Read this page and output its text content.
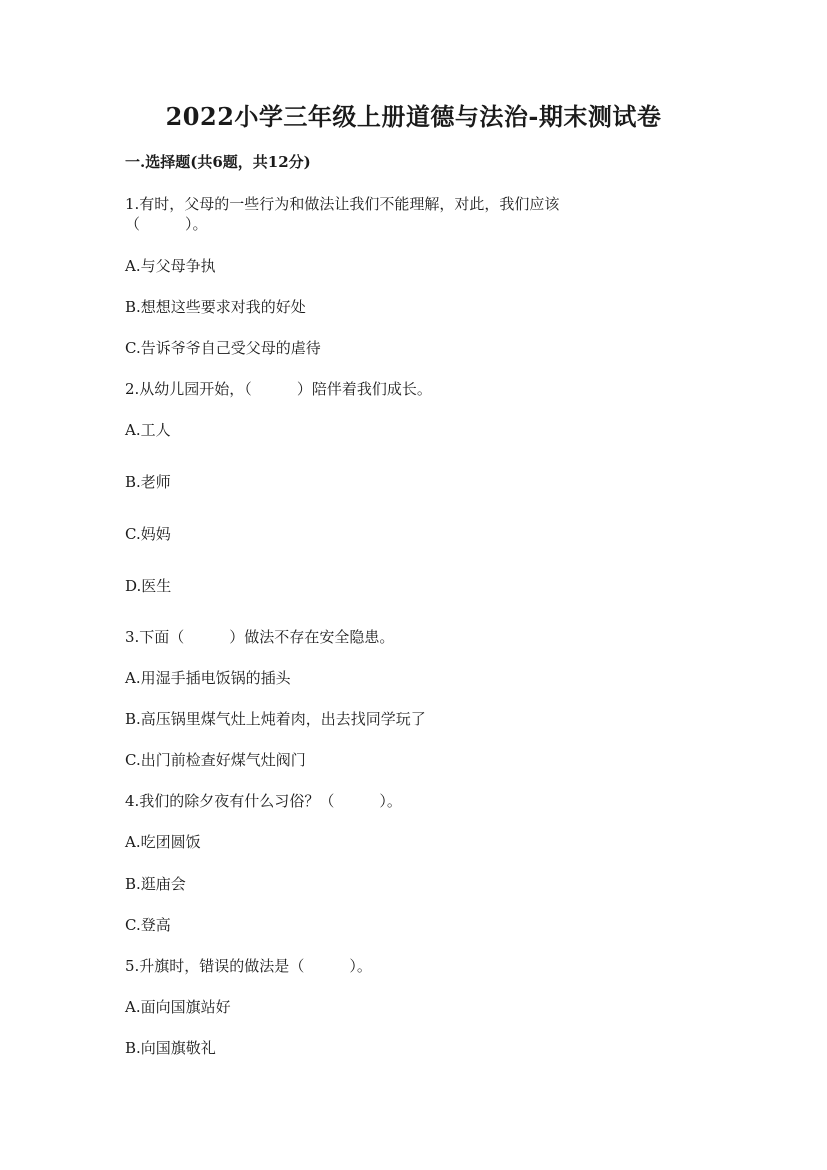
2022小学三年级上册道德与法治-期末测试卷
一.选择题(共6题，共12分)
1.有时，父母的一些行为和做法让我们不能理解，对此，我们应该
（　　　）。
A.与父母争执
B.想想这些要求对我的好处
C.告诉爷爷自己受父母的虐待
2.从幼儿园开始，（　　　）陪伴着我们成长。
A.工人
B.老师
C.妈妈
D.医生
3.下面（　　　）做法不存在安全隐患。
A.用湿手插电饭锅的插头
B.高压锅里煤气灶上炖着肉，出去找同学玩了
C.出门前检查好煤气灶阀门
4.我们的除夕夜有什么习俗？（　　　）。
A.吃团圆饭
B.逛庙会
C.登高
5.升旗时，错误的做法是（　　　）。
A.面向国旗站好
B.向国旗敬礼
